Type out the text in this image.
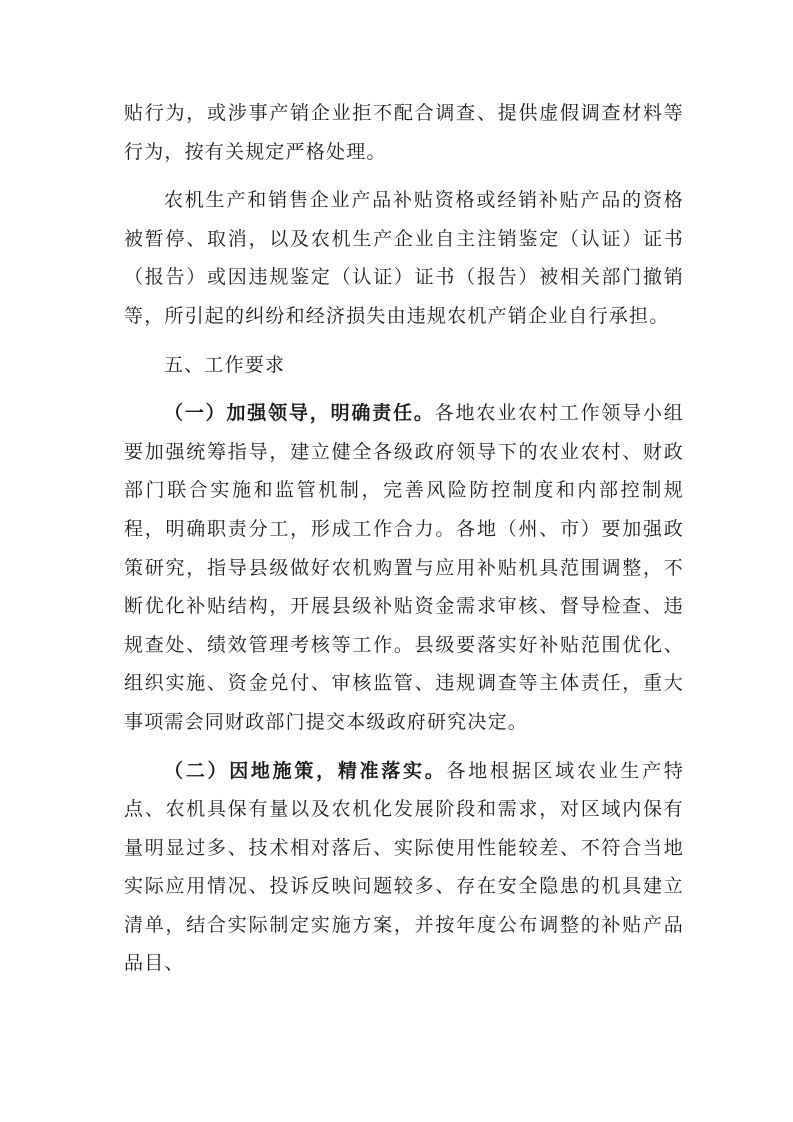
贴行为，或涉事产销企业拒不配合调查、提供虚假调查材料等行为，按有关规定严格处理。

农机生产和销售企业产品补贴资格或经销补贴产品的资格被暂停、取消，以及农机生产企业自主注销鉴定（认证）证书（报告）或因违规鉴定（认证）证书（报告）被相关部门撤销等，所引起的纠纷和经济损失由违规农机产销企业自行承担。

五、工作要求

（一）加强领导，明确责任。各地农业农村工作领导小组要加强统筹指导，建立健全各级政府领导下的农业农村、财政部门联合实施和监管机制，完善风险防控制度和内部控制规程，明确职责分工，形成工作合力。各地（州、市）要加强政策研究，指导县级做好农机购置与应用补贴机具范围调整，不断优化补贴结构，开展县级补贴资金需求审核、督导检查、违规查处、绩效管理考核等工作。县级要落实好补贴范围优化、组织实施、资金兑付、审核监管、违规调查等主体责任，重大事项需会同财政部门提交本级政府研究决定。

（二）因地施策，精准落实。各地根据区域农业生产特点、农机具保有量以及农机化发展阶段和需求，对区域内保有量明显过多、技术相对落后、实际使用性能较差、不符合当地实际应用情况、投诉反映问题较多、存在安全隐患的机具建立清单，结合实际制定实施方案，并按年度公布调整的补贴产品品目、
